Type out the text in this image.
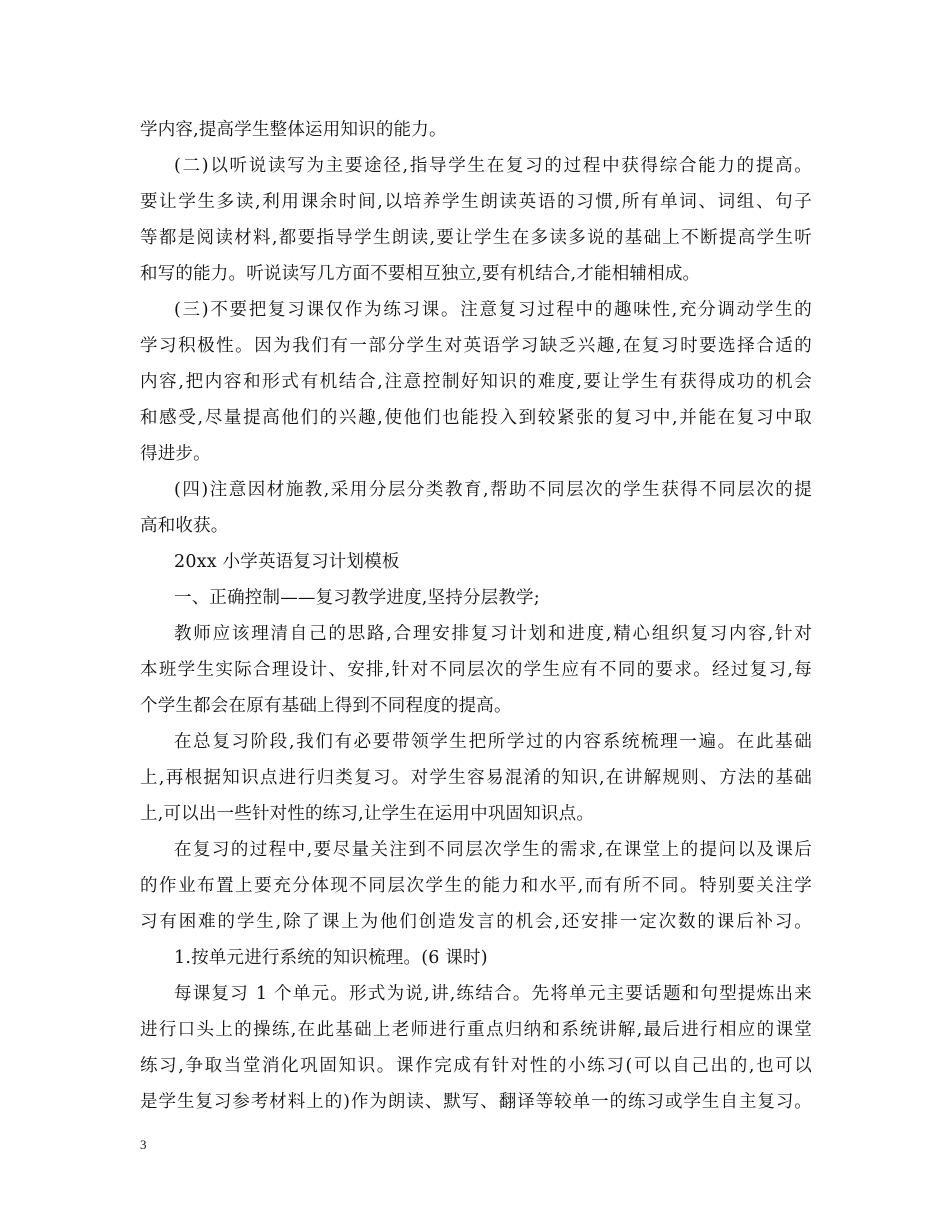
学内容,提高学生整体运用知识的能力。
(二)以听说读写为主要途径,指导学生在复习的过程中获得综合能力的提高。
要让学生多读,利用课余时间,以培养学生朗读英语的习惯,所有单词、词组、句子
等都是阅读材料,都要指导学生朗读,要让学生在多读多说的基础上不断提高学生听
和写的能力。听说读写几方面不要相互独立,要有机结合,才能相辅相成。
(三)不要把复习课仅作为练习课。注意复习过程中的趣味性,充分调动学生的
学习积极性。因为我们有一部分学生对英语学习缺乏兴趣,在复习时要选择合适的
内容,把内容和形式有机结合,注意控制好知识的难度,要让学生有获得成功的机会
和感受,尽量提高他们的兴趣,使他们也能投入到较紧张的复习中,并能在复习中取
得进步。
(四)注意因材施教,采用分层分类教育,帮助不同层次的学生获得不同层次的提
高和收获。
20xx 小学英语复习计划模板
一、正确控制——复习教学进度,坚持分层教学;
教师应该理清自己的思路,合理安排复习计划和进度,精心组织复习内容,针对
本班学生实际合理设计、安排,针对不同层次的学生应有不同的要求。经过复习,每
个学生都会在原有基础上得到不同程度的提高。
在总复习阶段,我们有必要带领学生把所学过的内容系统梳理一遍。在此基础
上,再根据知识点进行归类复习。对学生容易混淆的知识,在讲解规则、方法的基础
上,可以出一些针对性的练习,让学生在运用中巩固知识点。
在复习的过程中,要尽量关注到不同层次学生的需求,在课堂上的提问以及课后
的作业布置上要充分体现不同层次学生的能力和水平,而有所不同。特别要关注学
习有困难的学生,除了课上为他们创造发言的机会,还安排一定次数的课后补习。
1.按单元进行系统的知识梳理。(6 课时)
每课复习 1 个单元。形式为说,讲,练结合。先将单元主要话题和句型提炼出来
进行口头上的操练,在此基础上老师进行重点归纳和系统讲解,最后进行相应的课堂
练习,争取当堂消化巩固知识。课作完成有针对性的小练习(可以自己出的,也可以
是学生复习参考材料上的)作为朗读、默写、翻译等较单一的练习或学生自主复习。
3
